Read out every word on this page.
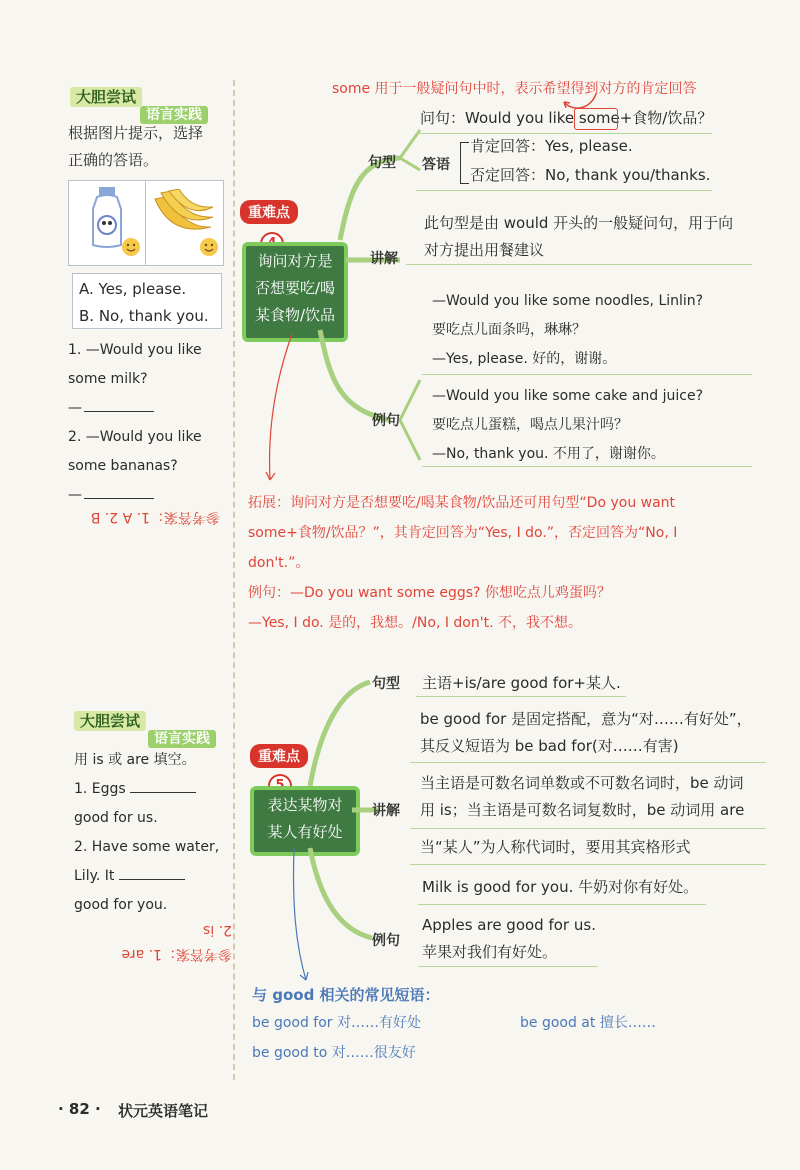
some 用于一般疑问句中时，表示希望得到对方的肯定回答
大胆尝试
语言实践
根据图片提示，选择
正确的答语。
A. Yes, please.
B. No, thank you.
1. —Would you like
some milk?
—
2. —Would you like
some bananas?
—
参考答案：1. A 2. B
重难点
询问对方是
否想要吃/喝
某食物/饮品
句型
问句：Would you like some+食物/饮品？
答语
肯定回答：Yes, please.
否定回答：No, thank you/thanks.
讲解
此句型是由 would 开头的一般疑问句，用于向
对方提出用餐建议
—Would you like some noodles, Linlin?
要吃点儿面条吗，琳琳？
—Yes, please. 好的，谢谢。
例句
—Would you like some cake and juice?
要吃点儿蛋糕，喝点儿果汁吗？
—No, thank you. 不用了，谢谢你。
拓展：询问对方是否想要吃/喝某食物/饮品还可用句型“Do you want
some+食物/饮品？”，其肯定回答为“Yes, I do.”，否定回答为“No, I
don't.”。
例句：—Do you want some eggs? 你想吃点儿鸡蛋吗？
—Yes, I do. 是的，我想。/No, I don't. 不，我不想。
大胆尝试
语言实践
用 is 或 are 填空。
1. Eggs
good for us.
2. Have some water,
Lily. It
good for you.
参考答案：1. are
2. is
重难点
表达某物对
某人有好处
句型 主语+is/are good for+某人.
be good for 是固定搭配，意为“对……有好处”，
其反义短语为 be bad for(对……有害)
讲解
当主语是可数名词单数或不可数名词时，be 动词
用 is；当主语是可数名词复数时，be 动词用 are
当“某人”为人称代词时，要用其宾格形式
Milk is good for you. 牛奶对你有好处。
例句
Apples are good for us.
苹果对我们有好处。
与 good 相关的常见短语：
be good for 对……有好处	be good at 擅长……
be good to 对……很友好
· 82 · 状元英语笔记
